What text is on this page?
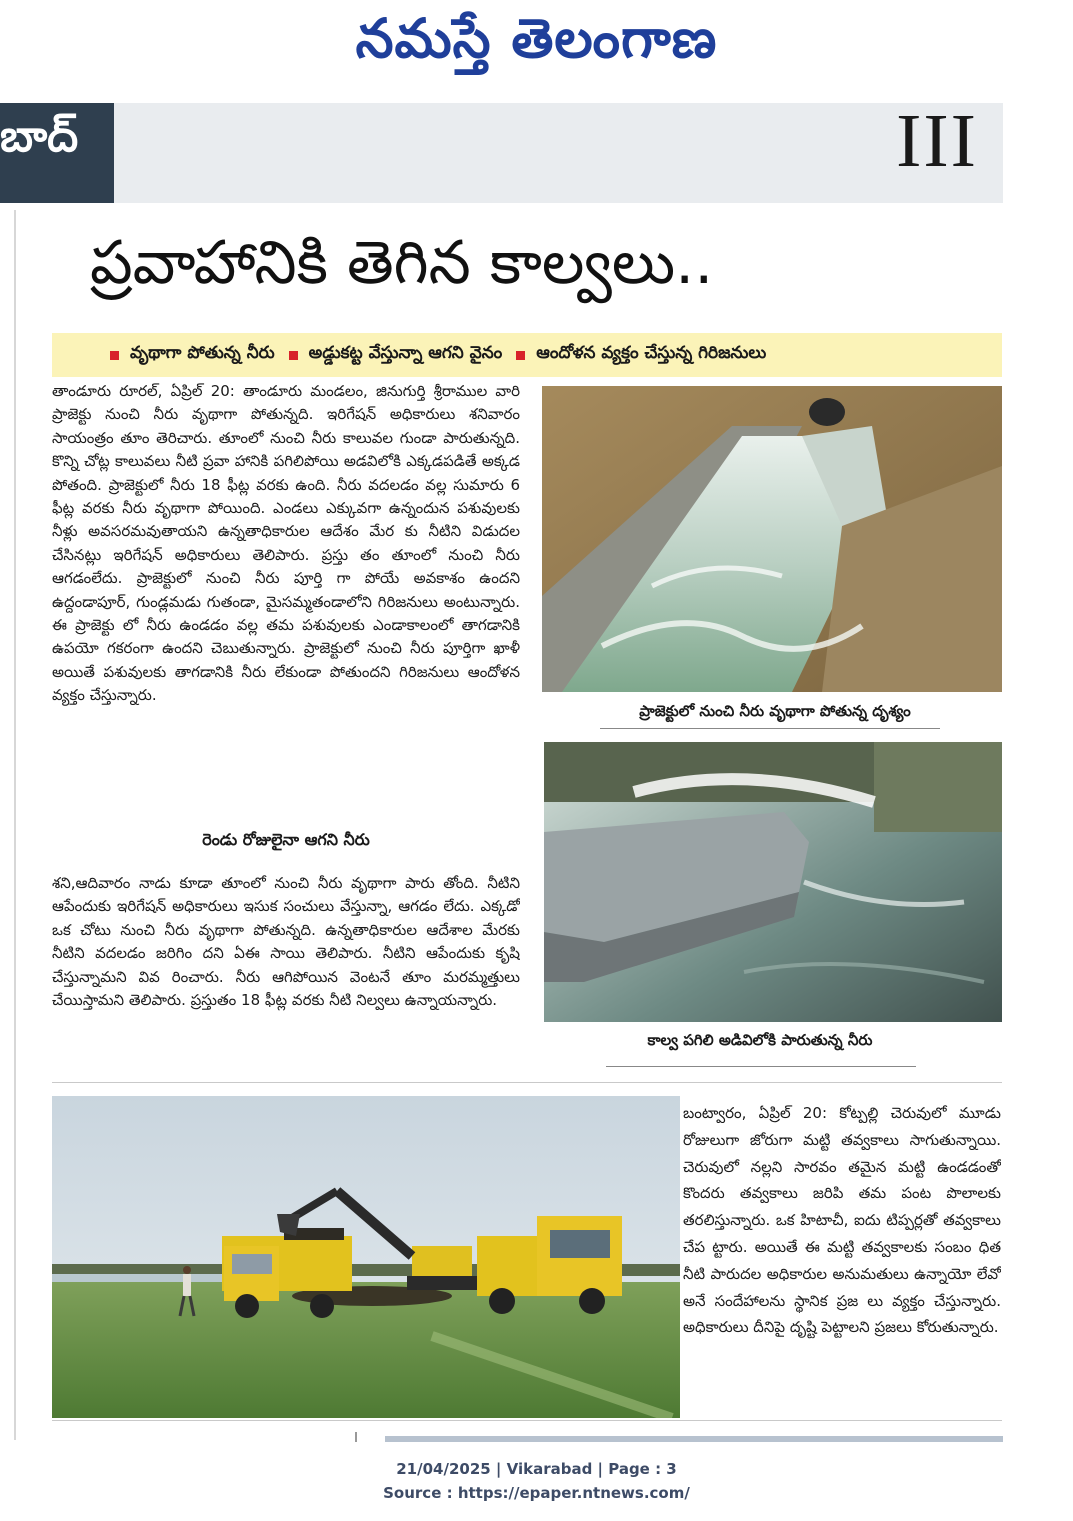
నమస్తే తెలంగాణ
బాద్	III
ప్రవాహానికి తెగిన కాల్వలు..
వృథాగా పోతున్న నీరు అడ్డుకట్ట వేస్తున్నా ఆగని వైనం ఆందోళన వ్యక్తం చేస్తున్న గిరిజనులు
తాండూరు రూరల్, ఏప్రిల్ 20: తాండూరు మండలం, జినుగుర్తి శ్రీరాముల వారి ప్రాజెక్టు నుంచి నీరు వృథాగా పోతున్నది. ఇరిగేషన్ అధికారులు శనివారం సాయంత్రం తూం తెరిచారు. తూంలో నుంచి నీరు కాలువల గుండా పారుతున్నది. కొన్ని చోట్ల కాలువలు నీటి ప్రవా హానికి పగిలిపోయి అడవిలోకి ఎక్కడపడితే అక్కడ పోతంది. ప్రాజెక్టులో నీరు 18 ఫీట్ల వరకు ఉంది. నీరు వదలడం వల్ల సుమారు 6 ఫీట్ల వరకు నీరు వృథాగా పోయింది. ఎండలు ఎక్కువగా ఉన్నందున పశువులకు నీళ్లు అవసరమవుతాయని ఉన్నతాధికారుల ఆదేశం మేర కు నీటిని విడుదల చేసినట్లు ఇరిగేషన్ అధికారులు తెలిపారు. ప్రస్తు తం తూంలో నుంచి నీరు ఆగడంలేదు. ప్రాజెక్టులో నుంచి నీరు పూర్తి గా పోయే అవకాశం ఉందని ఉద్దండాపూర్, గుండ్లమడు గుతండా, మైసమ్మతండాలోని గిరిజనులు అంటున్నారు. ఈ ప్రాజెక్టు లో నీరు ఉండడం వల్ల తమ పశువులకు ఎండాకాలంలో తాగడానికి ఉపయో గకరంగా ఉందని చెబుతున్నారు. ప్రాజెక్టులో నుంచి నీరు పూర్తిగా ఖాళీ అయితే పశువులకు తాగడానికి నీరు లేకుండా పోతుందని గిరిజనులు ఆందోళన వ్యక్తం చేస్తున్నారు.
రెండు రోజులైనా ఆగని నీరు
శని,ఆదివారం నాడు కూడా తూంలో నుంచి నీరు వృథాగా పారు తోంది. నీటిని ఆపేందుకు ఇరిగేషన్ అధికారులు ఇసుక సంచులు వేస్తున్నా, ఆగడం లేదు. ఎక్కడో ఒక చోటు నుంచి నీరు వృథాగా పోతున్నది. ఉన్నతాధికారుల ఆదేశాల మేరకు నీటిని వదలడం జరిగిం దని ఏఈ సాయి తెలిపారు. నీటిని ఆపేందుకు కృషి చేస్తున్నామని వివ రించారు. నీరు ఆగిపోయిన వెంటనే తూం మరమ్మత్తులు చేయిస్తామని తెలిపారు. ప్రస్తుతం 18 ఫీట్ల వరకు నీటి నిల్వలు ఉన్నాయన్నారు.
ప్రాజెక్టులో నుంచి నీరు వృథాగా పోతున్న దృశ్యం
కాల్వ పగిలి అడివిలోకి పారుతున్న నీరు
బంట్వారం, ఏప్రిల్ 20: కోట్పల్లి చెరువులో మూడు రోజులుగా జోరుగా మట్టి తవ్వకాలు సాగుతున్నాయి. చెరువులో నల్లని సారవం తమైన మట్టి ఉండడంతో కొందరు తవ్వకాలు జరిపి తమ పంట పొలాలకు తరలిస్తున్నారు. ఒక హిటాచీ, ఐదు టిప్పర్లతో తవ్వకాలు చేప ట్టారు. అయితే ఈ మట్టి తవ్వకాలకు సంబం ధిత నీటి పారుదల అధికారుల అనుమతులు ఉన్నాయో లేవో అనే సందేహాలను స్థానిక ప్రజ లు వ్యక్తం చేస్తున్నారు. అధికారులు దీనిపై దృష్టి పెట్టాలని ప్రజలు కోరుతున్నారు.
21/04/2025 | Vikarabad | Page : 3
Source : https://epaper.ntnews.com/
